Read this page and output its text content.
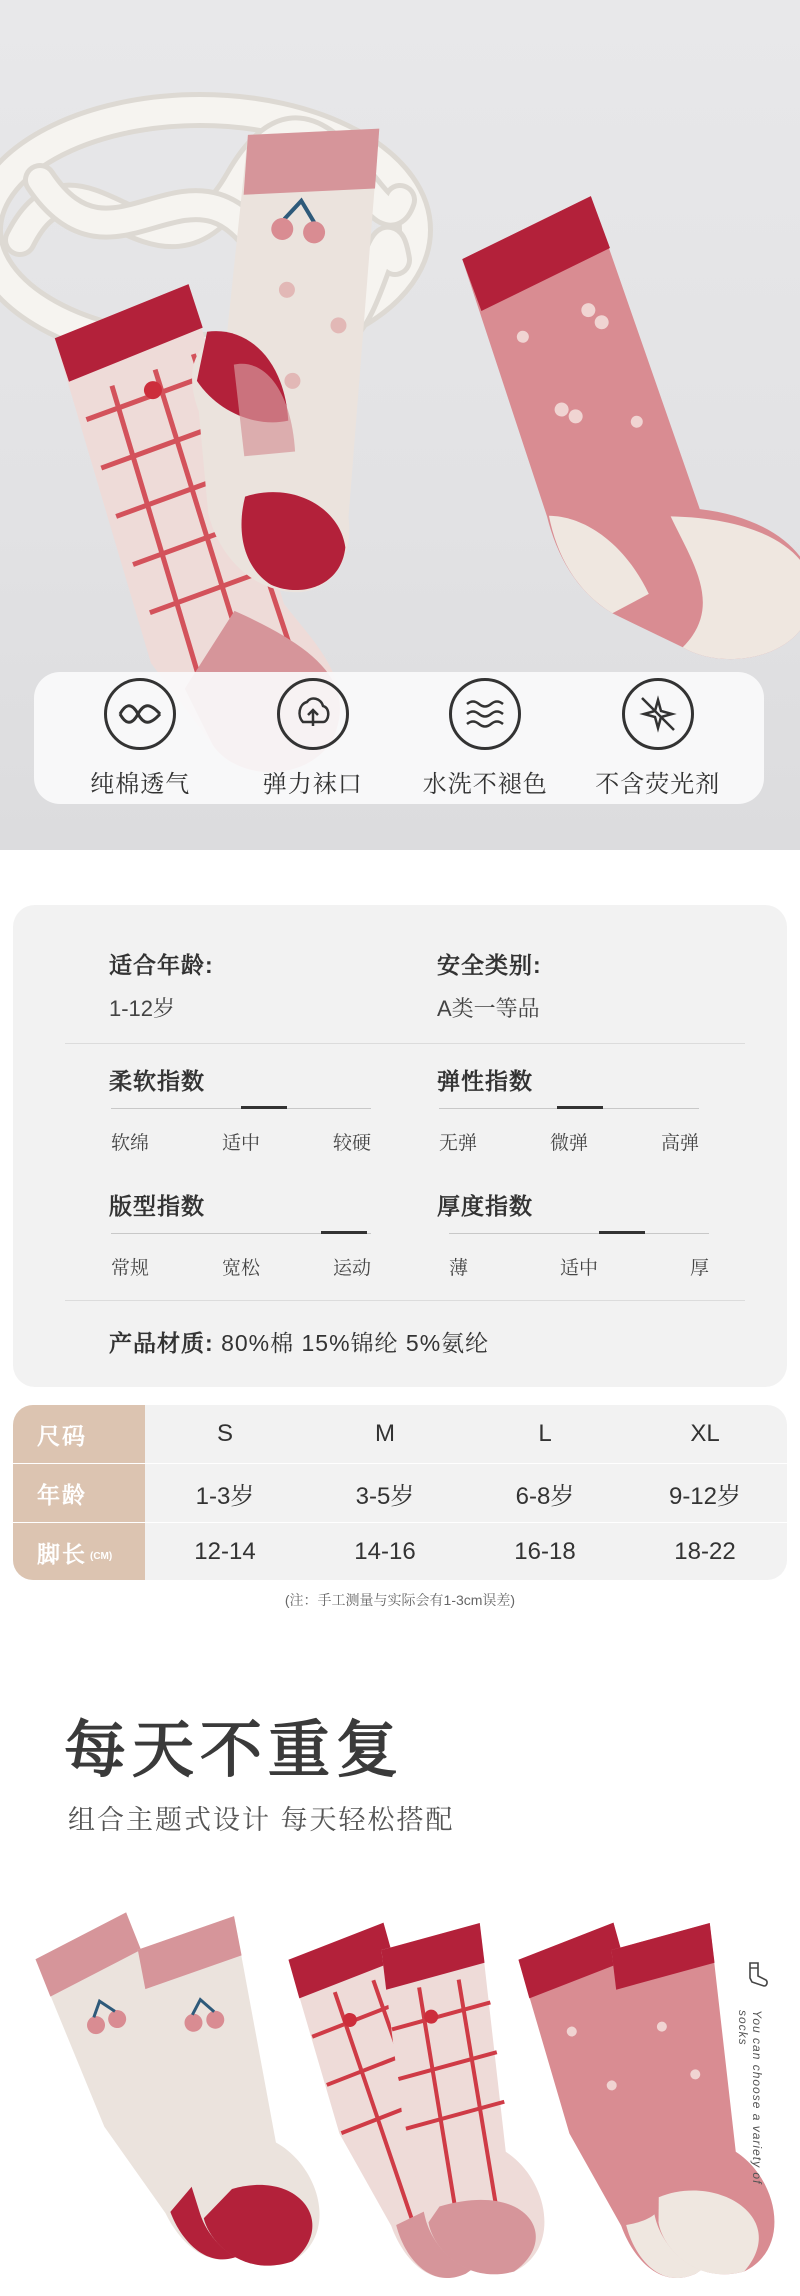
纯棉透气	弹力袜口	水洗不褪色 不含荧光剂
适合年龄:
1-12岁
安全类别:
A类一等品
柔软指数
软绵	适中	较硬
弹性指数
无弹	微弹	高弹
版型指数
常规	宽松	运动
厚度指数
薄	适中	厚
产品材质: 80%棉 15%锦纶 5%氨纶
尺码	S	M	L	XL
年龄	1-3岁	3-5岁	6-8岁	9-12岁
脚长 (CM)	12-14	14-16	16-18	18-22
(注：手工测量与实际会有1-3cm误差)
每天不重复
组合主题式设计 每天轻松搭配
You can choose a variety of socks
